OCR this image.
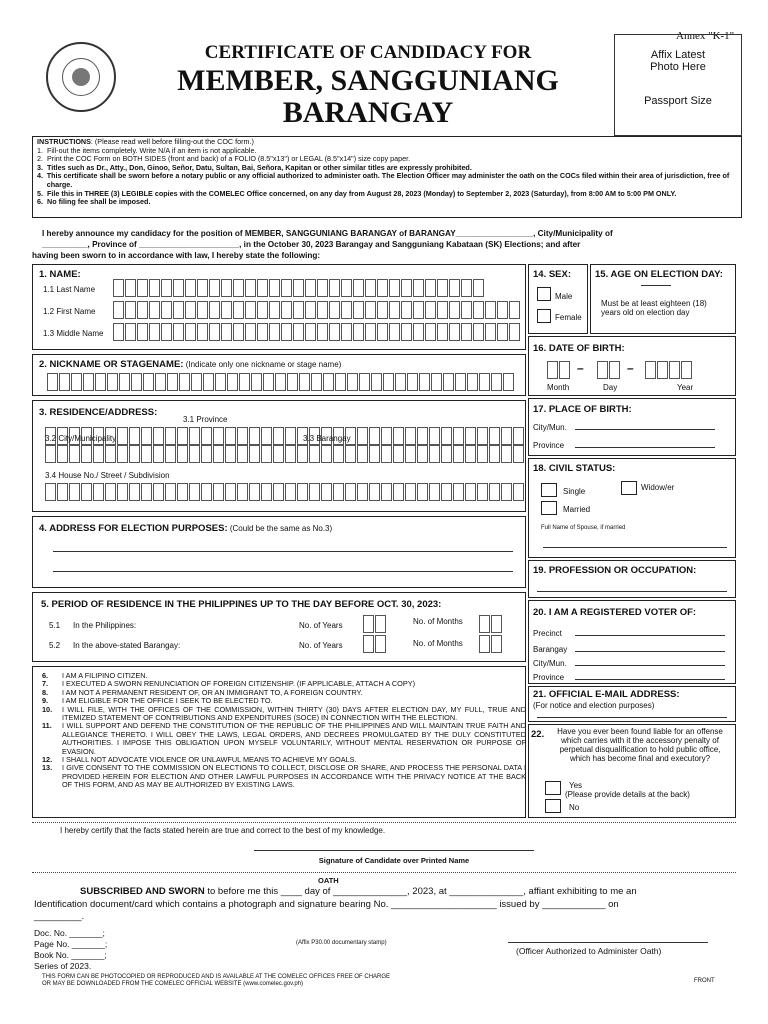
Annex "K-1"
CERTIFICATE OF CANDIDACY FOR
MEMBER, SANGGUNIANG
BARANGAY
Affix Latest
Photo Here
Passport Size
INSTRUCTIONS: (Please read well before filling-out the COC form.)
1. Fill-out the items completely. Write N/A if an item is not applicable.
2. Print the COC Form on BOTH SIDES (front and back) of a FOLIO (8.5"x13") or LEGAL (8.5"x14") size copy paper.
3. Titles such as Dr., Atty., Don, Ginoo, Señor, Datu, Sultan, Bai, Señora, Kapitan or other similar titles are expressly prohibited.
4. This certificate shall be sworn before a notary public or any official authorized to administer oath. The Election Officer may administer the oath on the COCs filed within their area of jurisdiction, free of charge.
5. File this in THREE (3) LEGIBLE copies with the COMELEC Office concerned, on any day from August 28, 2023 (Monday) to September 2, 2023 (Saturday), from 8:00 AM to 5:00 PM ONLY.
6. No filing fee shall be imposed.
I hereby announce my candidacy for the position of MEMBER, SANGGUNIANG BARANGAY of BARANGAY_________________, City/Municipality of
__________, Province of ______________________, in the October 30, 2023 Barangay and Sangguniang Kabataan (SK) Elections; and after
having been sworn to in accordance with law, I hereby state the following:
1. NAME:
1.1 Last Name
1.2 First Name
1.3 Middle Name
2. NICKNAME OR STAGENAME: (Indicate only one nickname or stage name)
3. RESIDENCE/ADDRESS:
3.1 Province
3.2 City/Municipality	3.3 Barangay
3.4 House No./ Street / Subdivision
4. ADDRESS FOR ELECTION PURPOSES: (Could be the same as No.3)
5. PERIOD OF RESIDENCE IN THE PHILIPPINES UP TO THE DAY BEFORE OCT. 30, 2023:
5.1 In the Philippines:	No. of Years	No. of Months
5.2 In the above-stated Barangay:	No. of Years	No. of Months
6.	I AM A FILIPINO CITIZEN.
7.	I EXECUTED A SWORN RENUNCIATION OF FOREIGN CITIZENSHIP. (IF APPLICABLE, ATTACH A COPY)
8.	I AM NOT A PERMANENT RESIDENT OF, OR AN IMMIGRANT TO, A FOREIGN COUNTRY.
9.	I AM ELIGIBLE FOR THE OFFICE I SEEK TO BE ELECTED TO.
10.	I WILL FILE, WITH THE OFFICES OF THE COMMISSION, WITHIN THIRTY (30) DAYS AFTER ELECTION DAY, MY FULL, TRUE AND ITEMIZED STATEMENT OF CONTRIBUTIONS AND EXPENDITURES (SOCE) IN CONNECTION WITH THE ELECTION.
11.	I WILL SUPPORT AND DEFEND THE CONSTITUTION OF THE REPUBLIC OF THE PHILIPPINES AND WILL MAINTAIN TRUE FAITH AND ALLEGIANCE THERETO. I WILL OBEY THE LAWS, LEGAL ORDERS, AND DECREES PROMULGATED BY THE DULY CONSTITUTED AUTHORITIES. I IMPOSE THIS OBLIGATION UPON MYSELF VOLUNTARILY, WITHOUT MENTAL RESERVATION OR PURPOSE OF EVASION.
12.	I SHALL NOT ADVOCATE VIOLENCE OR UNLAWFUL MEANS TO ACHIEVE MY GOALS.
13.	I GIVE CONSENT TO THE COMMISSION ON ELECTIONS TO COLLECT, DISCLOSE OR SHARE, AND PROCESS THE PERSONAL DATA I PROVIDED HEREIN FOR ELECTION AND OTHER LAWFUL PURPOSES IN ACCORDANCE WITH THE PRIVACY NOTICE AT THE BACK OF THIS FORM, AND AS MAY BE AUTHORIZED BY EXISTING LAWS.
14. SEX:
Male
Female
15. AGE ON ELECTION DAY:
Must be at least eighteen (18) years old on election day
16. DATE OF BIRTH:
–	–
Month	Day	Year
17. PLACE OF BIRTH:
City/Mun.
Province
18. CIVIL STATUS:
Single	Widow/er
Married
Full Name of Spouse, if married
19. PROFESSION OR OCCUPATION:
20. I AM A REGISTERED VOTER OF:
Precinct
Barangay
City/Mun.
Province
21. OFFICIAL E-MAIL ADDRESS:
(For notice and election purposes)
22.	Have you ever been found liable for an offense which carries with it the accessory penalty of perpetual disqualification to hold public office, which has become final and executory?
Yes
(Please provide details at the back)
No
I hereby certify that the facts stated herein are true and correct to the best of my knowledge.
Signature of Candidate over Printed Name
OATH
SUBSCRIBED AND SWORN to before me this ____ day of ______________, 2023, at ______________, affiant exhibiting to me an
Identification document/card which contains a photograph and signature bearing No. ____________________ issued by ____________ on
_________.
Doc. No. _______;
Page No. _______;
Book No. _______;
Series of 2023.
(Affix P30.00 documentary stamp)
(Officer Authorized to Administer Oath)
THIS FORM CAN BE PHOTOCOPIED OR REPRODUCED AND IS AVAILABLE AT THE COMELEC OFFICES FREE OF CHARGE
OR MAY BE DOWNLOADED FROM THE COMELEC OFFICIAL WEBSITE (www.comelec.gov.ph)	FRONT
